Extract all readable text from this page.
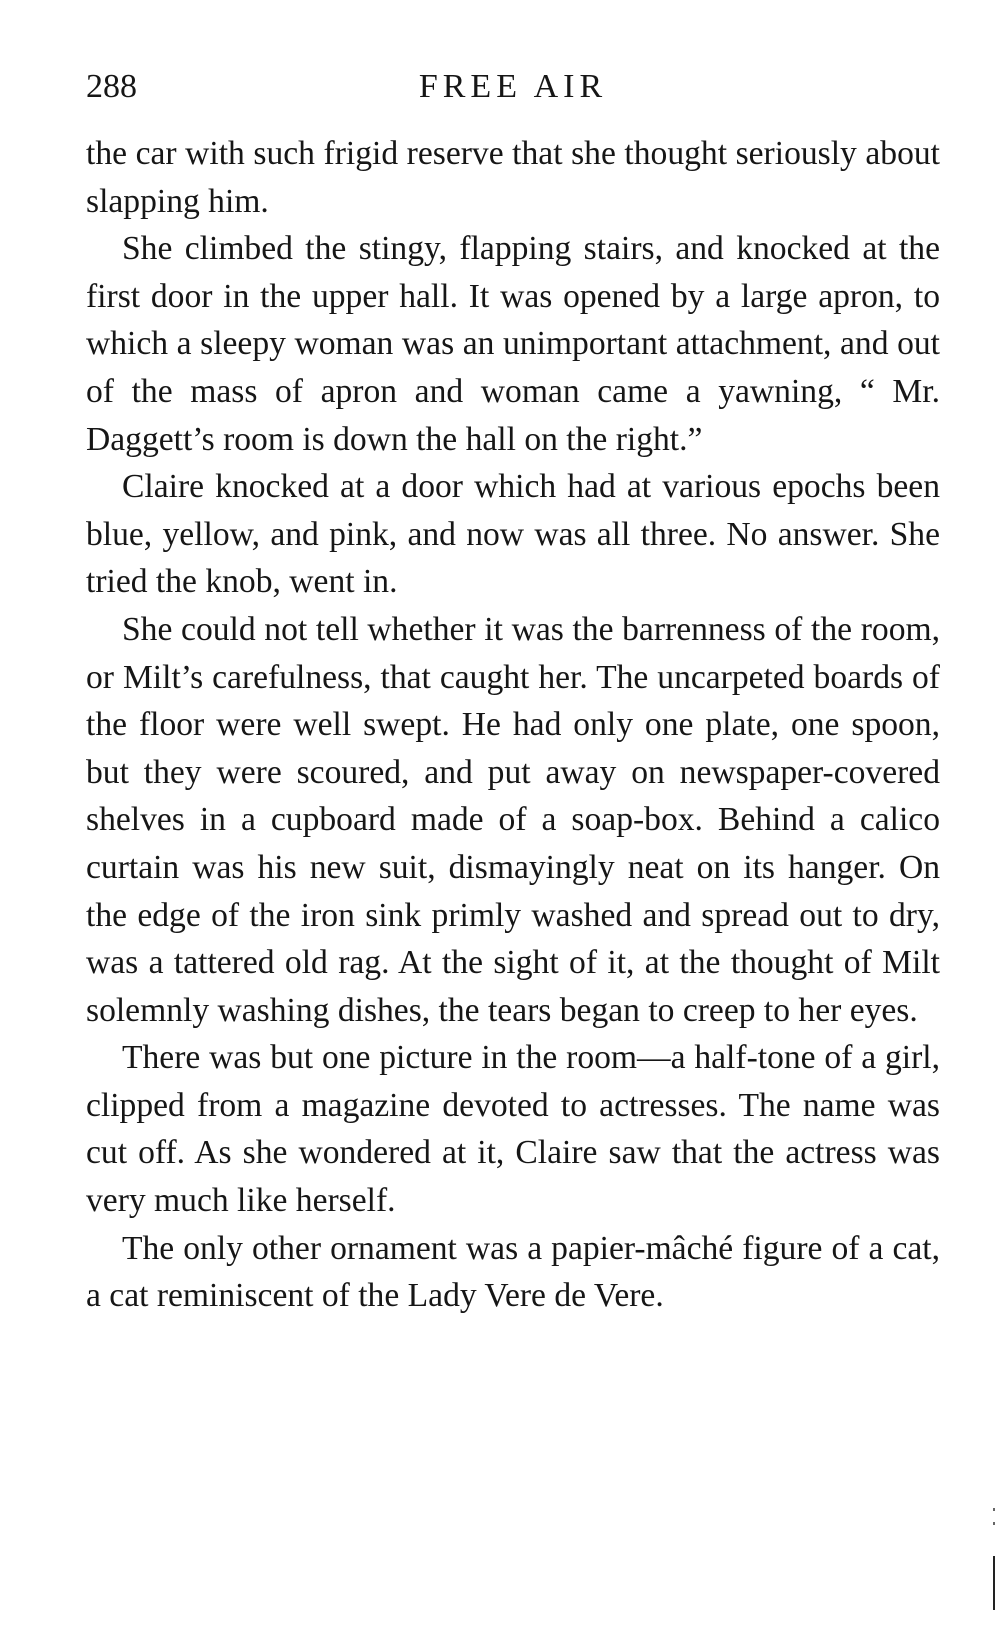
288	FREE AIR

the car with such frigid reserve that she thought seriously about slapping him.

She climbed the stingy, flapping stairs, and knocked at the first door in the upper hall. It was opened by a large apron, to which a sleepy woman was an unimportant attachment, and out of the mass of apron and woman came a yawning, “ Mr. Daggett’s room is down the hall on the right.”

Claire knocked at a door which had at various epochs been blue, yellow, and pink, and now was all three. No answer. She tried the knob, went in.

She could not tell whether it was the barrenness of the room, or Milt’s carefulness, that caught her. The uncarpeted boards of the floor were well swept. He had only one plate, one spoon, but they were scoured, and put away on newspaper-covered shelves in a cupboard made of a soap-box. Behind a calico curtain was his new suit, dismayingly neat on its hanger. On the edge of the iron sink primly washed and spread out to dry, was a tattered old rag. At the sight of it, at the thought of Milt solemnly washing dishes, the tears began to creep to her eyes.

There was but one picture in the room—a half-tone of a girl, clipped from a magazine devoted to actresses. The name was cut off. As she wondered at it, Claire saw that the actress was very much like herself.

The only other ornament was a papier-mâché figure of a cat, a cat reminiscent of the Lady Vere de Vere.
